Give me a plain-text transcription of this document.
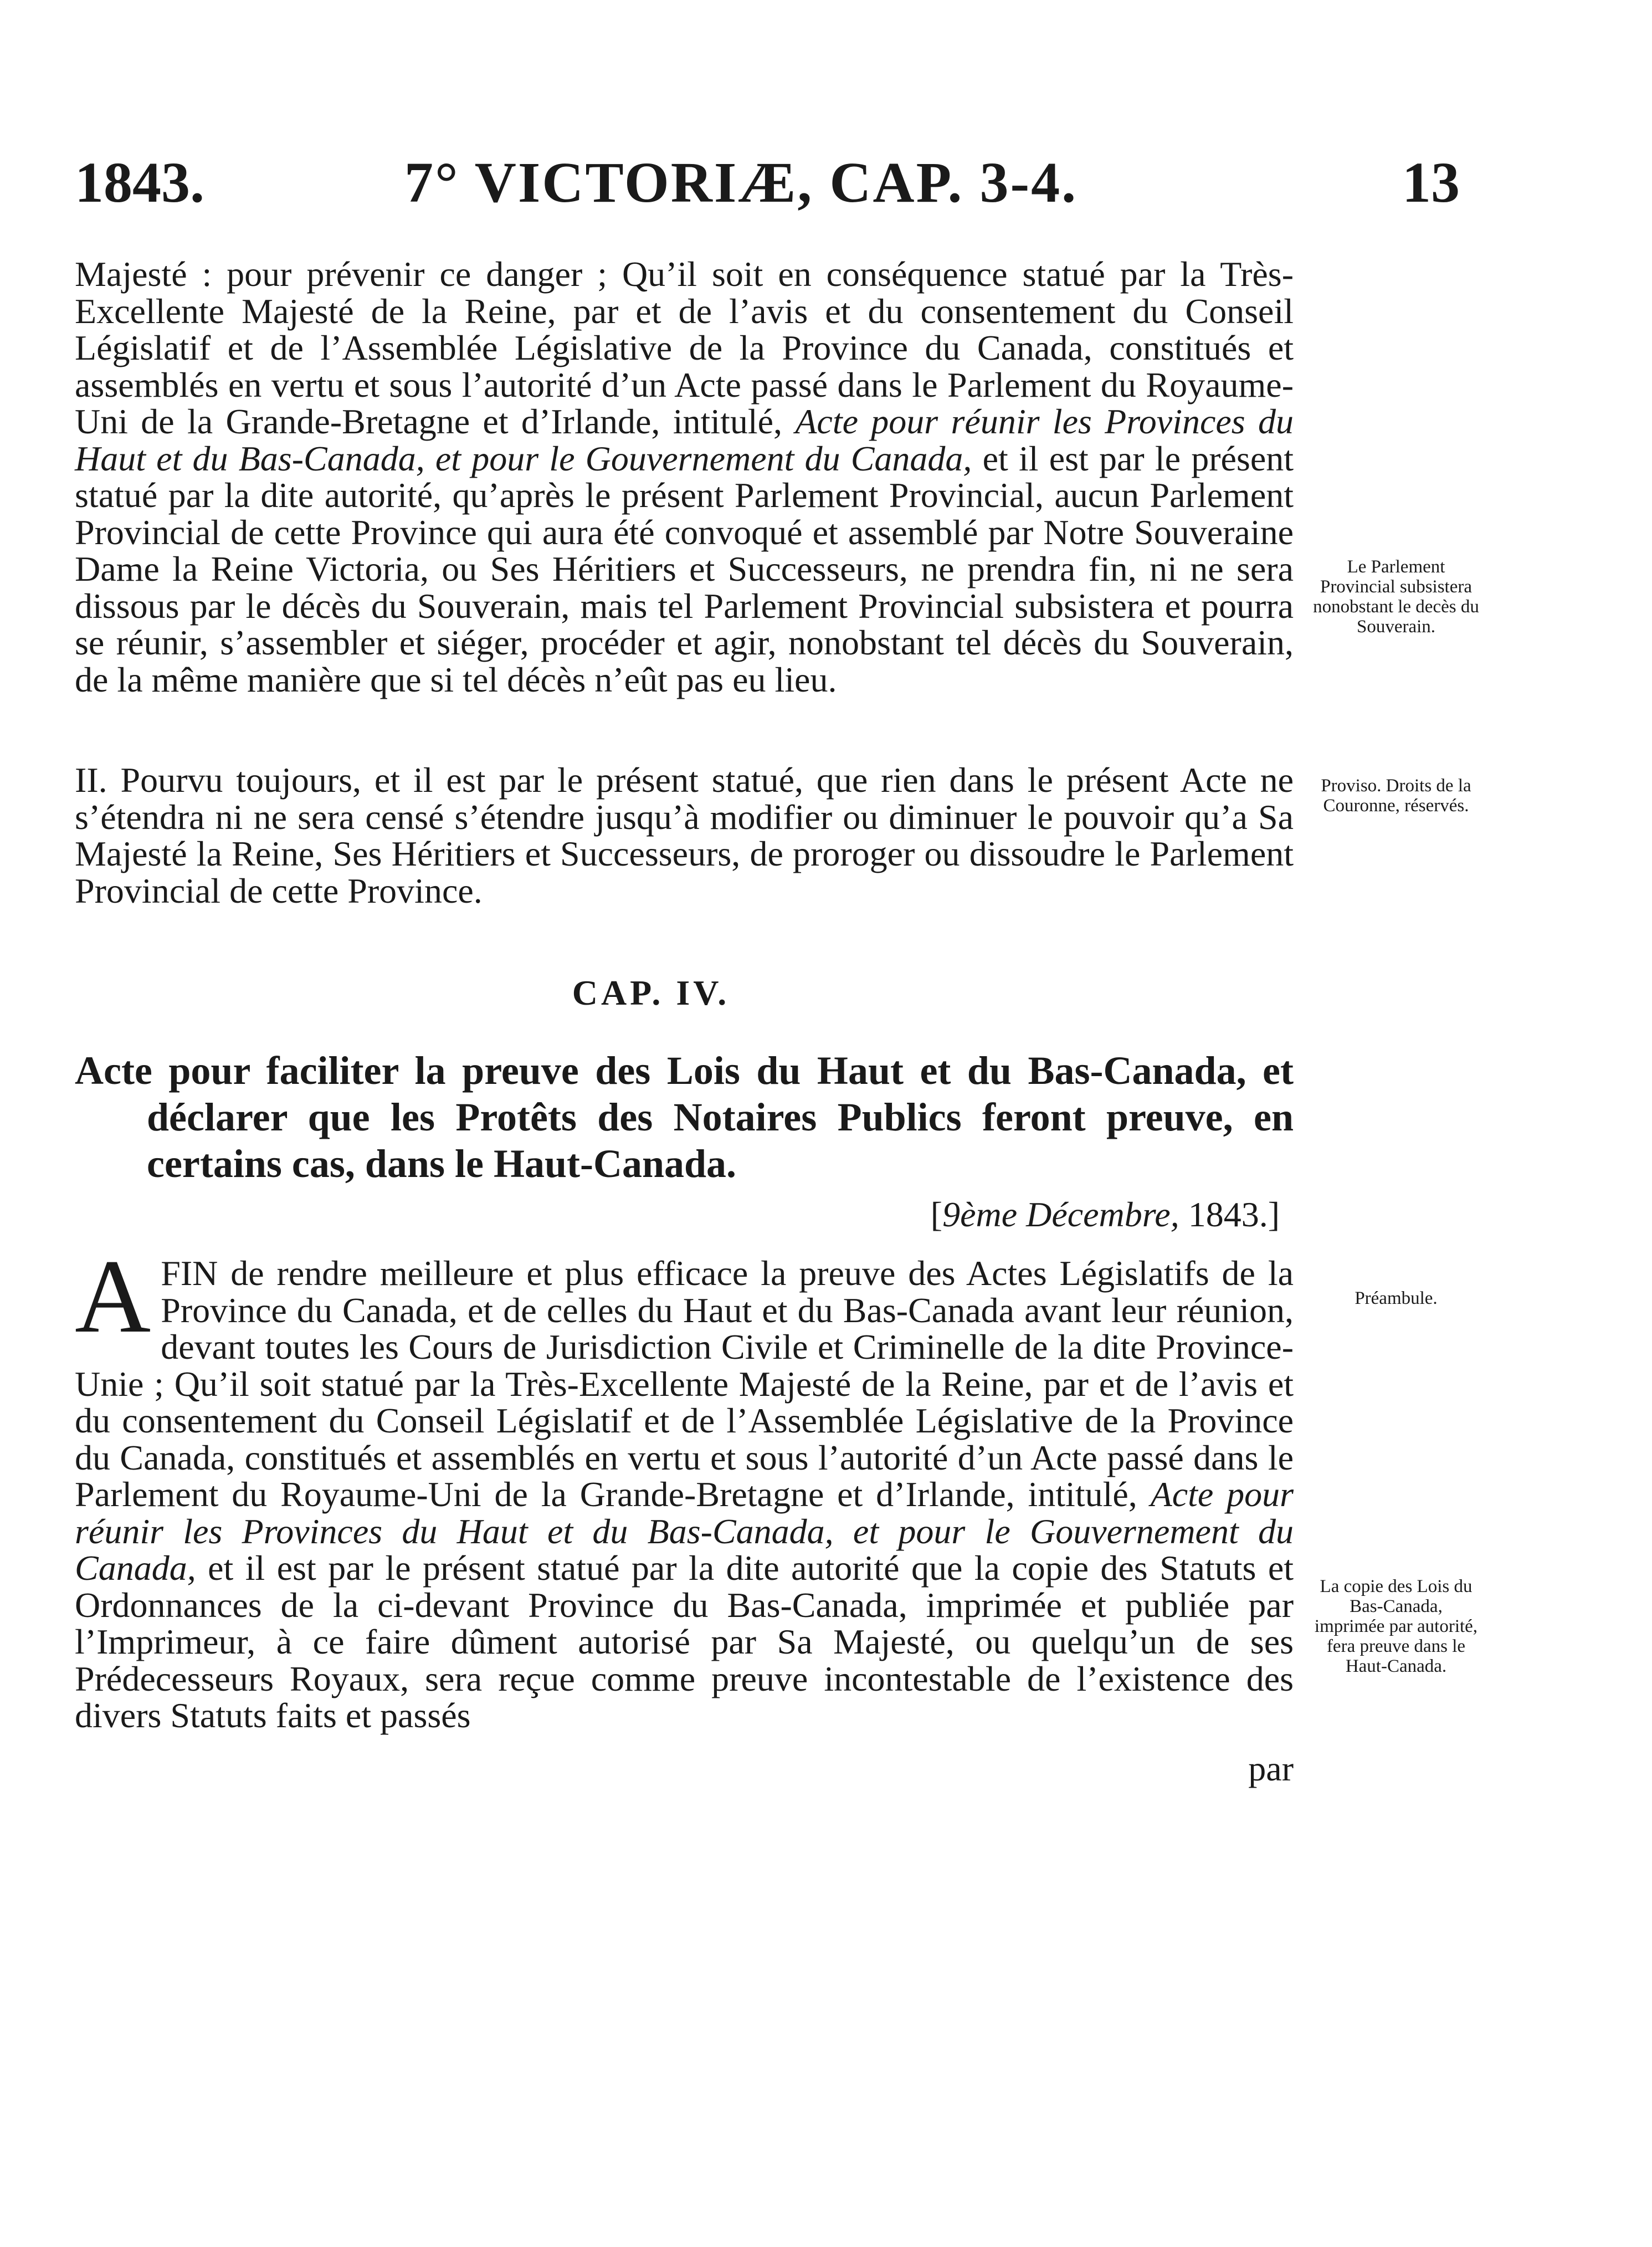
1843.	7° VICTORIÆ, CAP. 3-4.	13

Majesté : pour prévenir ce danger ; Qu’il soit en conséquence statué par la Très-Excellente Majesté de la Reine, par et de l’avis et du consentement du Conseil Législatif et de l’Assemblée Législative de la Province du Canada, constitués et assemblés en vertu et sous l’autorité d’un Acte passé dans le Parlement du Royaume-Uni de la Grande-Bretagne et d’Irlande, intitulé, Acte pour réunir les Provinces du Haut et du Bas-Canada, et pour le Gouvernement du Canada, et il est par le présent statué par la dite autorité, qu’après le présent Parlement Provincial, aucun Parlement Provincial de cette Province qui aura été convoqué et assemblé par Notre Souveraine Dame la Reine Victoria, ou Ses Héritiers et Successeurs, ne prendra fin, ni ne sera dissous par le décès du Souverain, mais tel Parlement Provincial subsistera et pourra se réunir, s’assembler et siéger, procéder et agir, nonobstant tel décès du Souverain, de la même manière que si tel décès n’eût pas eu lieu.

Le Parlement Provincial subsistera nonobstant le decès du Souverain.

II. Pourvu toujours, et il est par le présent statué, que rien dans le présent Acte ne s’étendra ni ne sera censé s’étendre jusqu’à modifier ou diminuer le pouvoir qu’a Sa Majesté la Reine, Ses Héritiers et Successeurs, de proroger ou dissoudre le Parlement Provincial de cette Province.

Proviso. Droits de la Couronne, réservés.
CAP. IV.

Acte pour faciliter la preuve des Lois du Haut et du Bas-Canada, et déclarer que les Protêts des Notaires Publics feront preuve, en certains cas, dans le Haut-Canada.

[9ème Décembre, 1843.]

AFIN de rendre meilleure et plus efficace la preuve des Actes Législatifs de la Province du Canada, et de celles du Haut et du Bas-Canada avant leur réunion, devant toutes les Cours de Jurisdiction Civile et Criminelle de la dite Province-Unie ; Qu’il soit statué par la Très-Excellente Majesté de la Reine, par et de l’avis et du consentement du Conseil Législatif et de l’Assemblée Législative de la Province du Canada, constitués et assemblés en vertu et sous l’autorité d’un Acte passé dans le Parlement du Royaume-Uni de la Grande-Bretagne et d’Irlande, intitulé, Acte pour réunir les Provinces du Haut et du Bas-Canada, et pour le Gouvernement du Canada, et il est par le présent statué par la dite autorité que la copie des Statuts et Ordonnances de la ci-devant Province du Bas-Canada, imprimée et publiée par l’Imprimeur, à ce faire dûment autorisé par Sa Majesté, ou quelqu’un de ses Prédecesseurs Royaux, sera reçue comme preuve incontestable de l’existence des divers Statuts faits et passés

Préambule.
La copie des Lois du Bas-Canada, imprimée par autorité, fera preuve dans le Haut-Canada.
par
